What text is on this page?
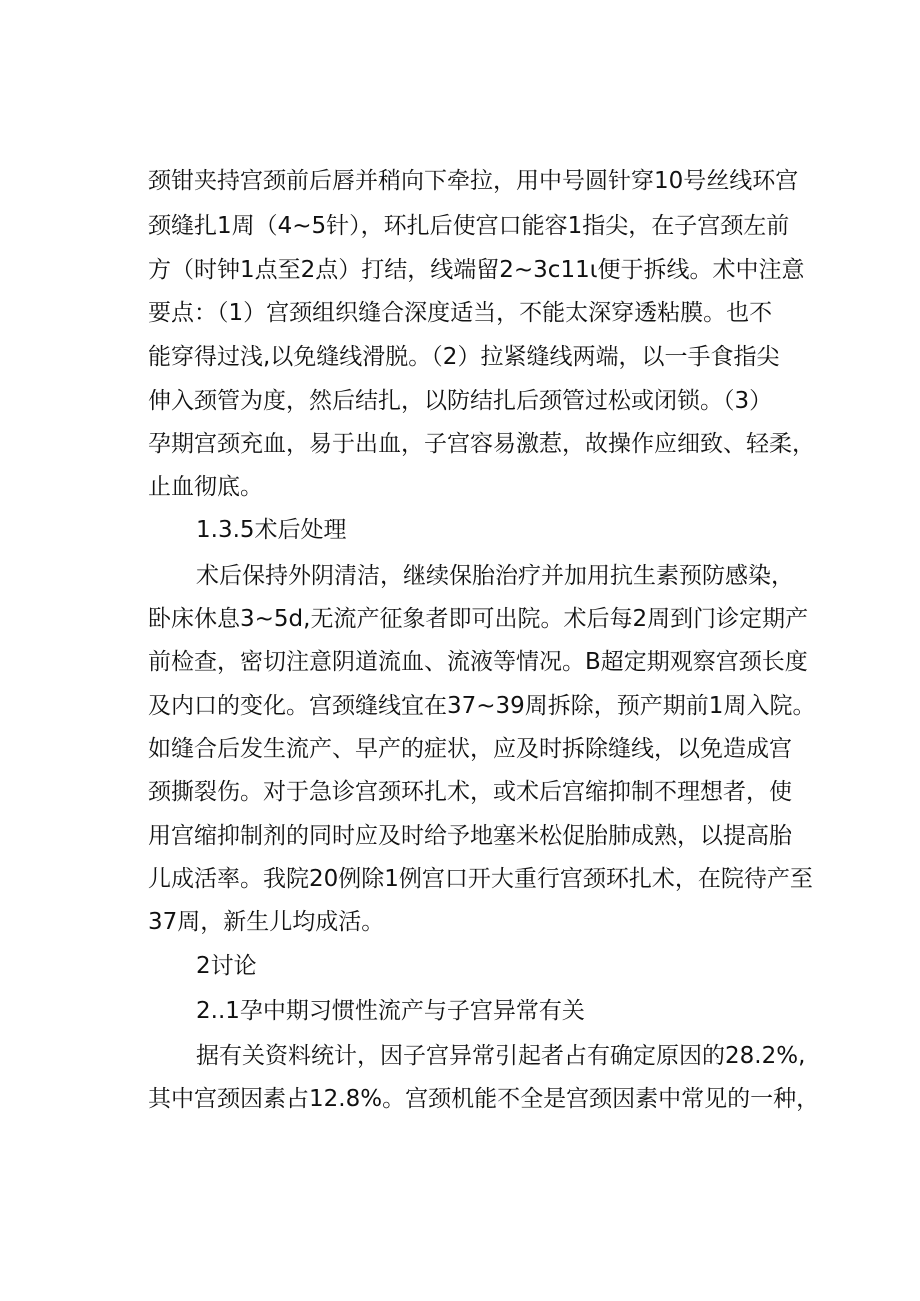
颈钳夹持宫颈前后唇并稍向下牵拉，用中号圆针穿10号丝线环宫
颈缝扎1周（4~5针），环扎后使宫口能容1指尖，在子宫颈左前
方（时钟1点至2点）打结，线端留2~3c11ι便于拆线。术中注意
要点：（1）宫颈组织缝合深度适当，不能太深穿透粘膜。也不
能穿得过浅,以免缝线滑脱。（2）拉紧缝线两端，以一手食指尖
伸入颈管为度，然后结扎，以防结扎后颈管过松或闭锁。（3）
孕期宫颈充血，易于出血，子宫容易激惹，故操作应细致、轻柔，
止血彻底。
1.3.5术后处理
术后保持外阴清洁，继续保胎治疗并加用抗生素预防感染，
卧床休息3~5d,无流产征象者即可出院。术后每2周到门诊定期产
前检查，密切注意阴道流血、流液等情况。B超定期观察宫颈长度
及内口的变化。宫颈缝线宜在37~39周拆除，预产期前1周入院。
如缝合后发生流产、早产的症状，应及时拆除缝线，以免造成宫
颈撕裂伤。对于急诊宫颈环扎术，或术后宫缩抑制不理想者，使
用宫缩抑制剂的同时应及时给予地塞米松促胎肺成熟，以提高胎
儿成活率。我院20例除1例宫口开大重行宫颈环扎术，在院待产至
37周，新生儿均成活。
2讨论
2..1孕中期习惯性流产与子宫异常有关
据有关资料统计，因子宫异常引起者占有确定原因的28.2%,
其中宫颈因素占12.8%。宫颈机能不全是宫颈因素中常见的一种，
